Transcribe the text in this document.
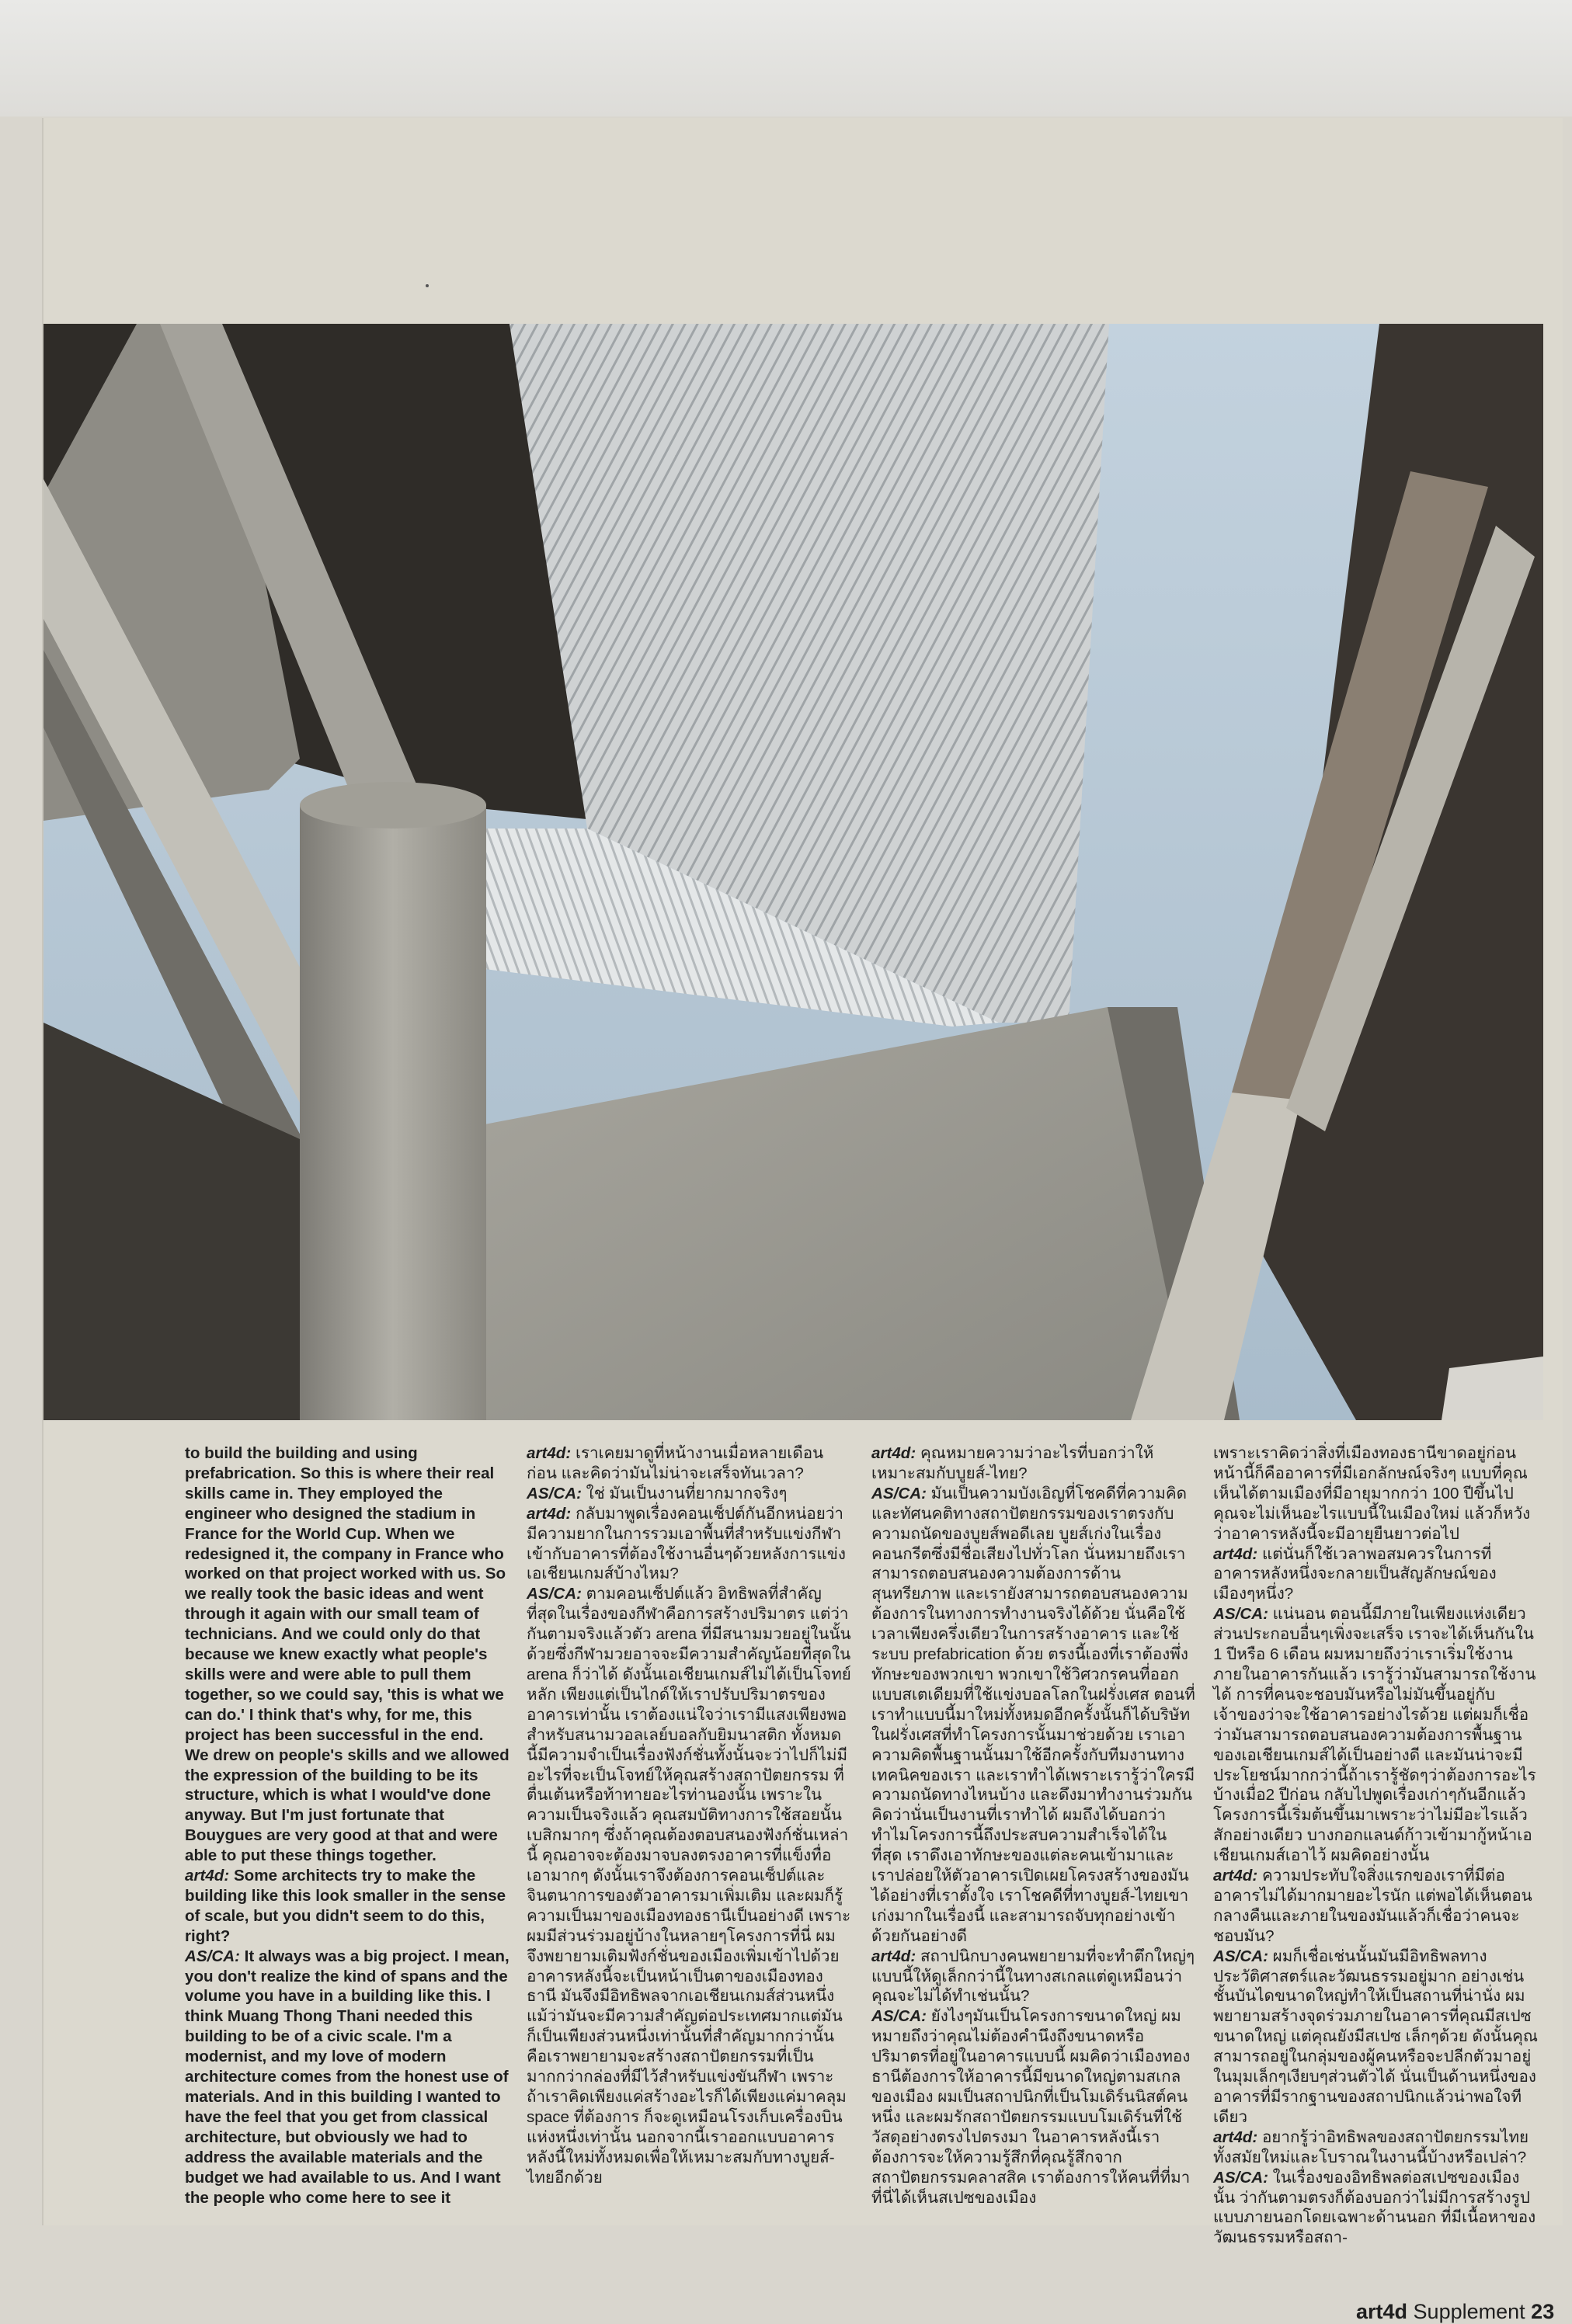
to build the building and using prefabrication. So this is where their real skills came in. They employed the engineer who designed the stadium in France for the World Cup. When we redesigned it, the company in France who worked on that project worked with us. So we really took the basic ideas and went through it again with our small team of technicians. And we could only do that because we knew exactly what people's skills were and were able to pull them together, so we could say, 'this is what we can do.' I think that's why, for me, this project has been successful in the end. We drew on people's skills and we allowed the expression of the building to be its structure, which is what I would've done anyway. But I'm just fortunate that Bouygues are very good at that and were able to put these things together.

art4d: Some architects try to make the building like this look smaller in the sense of scale, but you didn't seem to do this, right?

AS/CA: It always was a big project. I mean, you don't realize the kind of spans and the volume you have in a building like this. I think Muang Thong Thani needed this building to be of a civic scale. I'm a modernist, and my love of modern architecture comes from the honest use of materials. And in this building I wanted to have the feel that you get from classical architecture, but obviously we had to address the available materials and the budget we had available to us. And I want the people who come here to see it

art4d: เราเคยมาดูที่หน้างานเมื่อหลายเดือนก่อน และคิดว่ามันไม่น่าจะเสร็จทันเวลา?

AS/CA: ใช่ มันเป็นงานที่ยากมากจริงๆ

art4d: กลับมาพูดเรื่องคอนเซ็ปต์กันอีกหน่อยว่ามีความยากในการรวมเอาพื้นที่สำหรับแข่งกีฬาเข้ากับอาคารที่ต้องใช้งานอื่นๆด้วยหลังการแข่งเอเชียนเกมส์บ้างไหม?

AS/CA: ตามคอนเซ็ปต์แล้ว อิทธิพลที่สำคัญที่สุดในเรื่องของกีฬาคือการสร้างปริมาตร แต่ว่ากันตามจริงแล้วตัว arena ที่มีสนามมวยอยู่ในนั้นด้วยซึ่งกีฬามวยอาจจะมีความสำคัญน้อยที่สุดใน arena ก็ว่าได้ ดังนั้นเอเชียนเกมส์ไม่ได้เป็นโจทย์หลัก เพียงแต่เป็นไกด์ให้เราปรับปริมาตรของอาคารเท่านั้น เราต้องแน่ใจว่าเรามีแสงเพียงพอสำหรับสนามวอลเลย์บอลกับยิมนาสติก ทั้งหมดนี้มีความจำเป็นเรื่องฟังก์ชั่นทั้งนั้นจะว่าไปก็ไม่มีอะไรที่จะเป็นโจทย์ให้คุณสร้างสถาปัตยกรรม ที่ตื่นเต้นหรือท้าทายอะไรท่านองนั้น เพราะในความเป็นจริงแล้ว คุณสมบัติทางการใช้สอยนั้นเบสิกมากๆ ซึ่งถ้าคุณต้องตอบสนองฟังก์ชั่นเหล่านี้ คุณอาจจะต้องมาจบลงตรงอาคารที่แข็งทื่อเอามากๆ ดังนั้นเราจึงต้องการคอนเซ็ปต์และจินตนาการของตัวอาคารมาเพิ่มเติม และผมก็รู้ความเป็นมาของเมืองทองธานีเป็นอย่างดี เพราะผมมีส่วนร่วมอยู่บ้างในหลายๆโครงการที่นี่ ผมจึงพยายามเติมฟังก์ชั่นของเมืองเพิ่มเข้าไปด้วย อาคารหลังนี้จะเป็นหน้าเป็นตาของเมืองทองธานี มันจึงมีอิทธิพลจากเอเชียนเกมส์ส่วนหนึ่ง แม้ว่ามันจะมีความสำคัญต่อประเทศมากแต่มันก็เป็นเพียงส่วนหนึ่งเท่านั้นที่สำคัญมากกว่านั้นคือเราพยายามจะสร้างสถาปัตยกรรมที่เป็นมากกว่ากล่องที่มีไว้สำหรับแข่งขันกีฬา เพราะถ้าเราคิดเพียงแค่สร้างอะไรก็ได้เพียงแค่มาคลุม space ที่ต้องการ ก็จะดูเหมือนโรงเก็บเครื่องบินแห่งหนึ่งเท่านั้น นอกจากนี้เราออกแบบอาคารหลังนี้ใหม่ทั้งหมดเพื่อให้เหมาะสมกับทางบูยส์-ไทยอีกด้วย

art4d: คุณหมายความว่าอะไรที่บอกว่าให้เหมาะสมกับบูยส์-ไทย?

AS/CA: มันเป็นความบังเอิญที่โชคดีที่ความคิดและทัศนคติทางสถาปัตยกรรมของเราตรงกับความถนัดของบูยส์พอดีเลย บูยส์เก่งในเรื่องคอนกรีตซึ่งมีชื่อเสียงไปทั่วโลก นั่นหมายถึงเราสามารถตอบสนองความต้องการด้านสุนทรียภาพ และเรายังสามารถตอบสนองความต้องการในทางการทำงานจริงได้ด้วย นั่นคือใช้เวลาเพียงครึ่งเดียวในการสร้างอาคาร และใช้ระบบ prefabrication ด้วย ตรงนี้เองที่เราต้องพึ่งทักษะของพวกเขา พวกเขาใช้วิศวกรคนที่ออกแบบสเตเดียมที่ใช้แข่งบอลโลกในฝรั่งเศส ตอนที่เราทำแบบนี้มาใหม่ทั้งหมดอีกครั้งนั้นก็ได้บริษัทในฝรั่งเศสที่ทำโครงการนั้นมาช่วยด้วย เราเอาความคิดพื้นฐานนั้นมาใช้อีกครั้งกับทีมงานทางเทคนิคของเรา และเราทำได้เพราะเรารู้ว่าใครมีความถนัดทางไหนบ้าง และดึงมาทำงานร่วมกัน คิดว่านั่นเป็นงานที่เราทำได้ ผมถึงได้บอกว่าทำไมโครงการนี้ถึงประสบความสำเร็จได้ในที่สุด เราดึงเอาทักษะของแต่ละคนเข้ามาและเราปล่อยให้ตัวอาคารเปิดเผยโครงสร้างของมันได้อย่างที่เราตั้งใจ เราโชคดีที่ทางบูยส์-ไทยเขาเก่งมากในเรื่องนี้ และสามารถจับทุกอย่างเข้าด้วยกันอย่างดี

art4d: สถาปนิกบางคนพยายามที่จะทำตึกใหญ่ๆแบบนี้ให้ดูเล็กกว่านี้ในทางสเกลแต่ดูเหมือนว่าคุณจะไม่ได้ทำเช่นนั้น?

AS/CA: ยังไงๆมันเป็นโครงการขนาดใหญ่ ผมหมายถึงว่าคุณไม่ต้องคำนึงถึงขนาดหรือปริมาตรที่อยู่ในอาคารแบบนี้ ผมคิดว่าเมืองทองธานีต้องการให้อาคารนี้มีขนาดใหญ่ตามสเกลของเมือง ผมเป็นสถาปนิกที่เป็นโมเดิร์นนิสต์คนหนึ่ง และผมรักสถาปัตยกรรมแบบโมเดิร์นที่ใช้วัสดุอย่างตรงไปตรงมา ในอาคารหลังนี้เราต้องการจะให้ความรู้สึกที่คุณรู้สึกจากสถาปัตยกรรมคลาสสิค เราต้องการให้คนที่ที่มาที่นี่ได้เห็นสเปซของเมือง

เพราะเราคิดว่าสิ่งที่เมืองทองธานีขาดอยู่ก่อนหน้านี้ก็คืออาคารที่มีเอกลักษณ์จริงๆ แบบที่คุณเห็นได้ตามเมืองที่มีอายุมากกว่า 100 ปีขึ้นไป คุณจะไม่เห็นอะไรแบบนี้ในเมืองใหม่ แล้วก็หวังว่าอาคารหลังนี้จะมีอายุยืนยาวต่อไป

art4d: แต่นั่นก็ใช้เวลาพอสมควรในการที่อาคารหลังหนึ่งจะกลายเป็นสัญลักษณ์ของเมืองๆหนึ่ง?

AS/CA: แน่นอน ตอนนี้มีภายในเพียงแห่งเดียว ส่วนประกอบอื่นๆเพิ่งจะเสร็จ เราจะได้เห็นกันใน 1 ปีหรือ 6 เดือน ผมหมายถึงว่าเราเริ่มใช้งานภายในอาคารกันแล้ว เรารู้ว่ามันสามารถใช้งานได้ การที่คนจะชอบมันหรือไม่มันขึ้นอยู่กับเจ้าของว่าจะใช้อาคารอย่างไรด้วย แต่ผมก็เชื่อว่ามันสามารถตอบสนองความต้องการพื้นฐานของเอเชียนเกมส์ได้เป็นอย่างดี และมันน่าจะมีประโยชน์มากกว่านี้ถ้าเรารู้ชัดๆว่าต้องการอะไรบ้างเมื่อ2 ปีก่อน กลับไปพูดเรื่องเก่าๆกันอีกแล้วโครงการนี้เริ่มต้นขึ้นมาเพราะว่าไม่มีอะไรแล้วสักอย่างเดียว บางกอกแลนด์ก้าวเข้ามากู้หน้าเอเชียนเกมส์เอาไว้ ผมคิดอย่างนั้น

art4d: ความประทับใจสิ่งแรกของเราที่มีต่ออาคารไม่ได้มากมายอะไรนัก แต่พอได้เห็นตอนกลางคืนและภายในของมันแล้วก็เชื่อว่าคนจะชอบมัน?

AS/CA: ผมก็เชื่อเช่นนั้นมันมีอิทธิพลทางประวัติศาสตร์และวัฒนธรรมอยู่มาก อย่างเช่นชั้นบันไดขนาดใหญ่ทำให้เป็นสถานที่น่านั่ง ผมพยายามสร้างจุดร่วมภายในอาคารที่คุณมีสเปซขนาดใหญ่ แต่คุณยังมีสเปซ เล็กๆด้วย ดังนั้นคุณสามารถอยู่ในกลุ่มของผู้คนหรือจะปลีกตัวมาอยู่ในมุมเล็กๆเงียบๆส่วนตัวได้ นั่นเป็นด้านหนึ่งของอาคารที่มีรากฐานของสถาปนิกแล้วน่าพอใจทีเดียว

art4d: อยากรู้ว่าอิทธิพลของสถาปัตยกรรมไทยทั้งสมัยใหม่และโบราณในงานนี้บ้างหรือเปล่า?

AS/CA: ในเรื่องของอิทธิพลต่อสเปซของเมืองนั้น ว่ากันตามตรงก็ต้องบอกว่าไม่มีการสร้างรูปแบบภายนอกโดยเฉพาะด้านนอก ที่มีเนื้อหาของวัฒนธรรมหรือสถา-

art4d Supplement 23
